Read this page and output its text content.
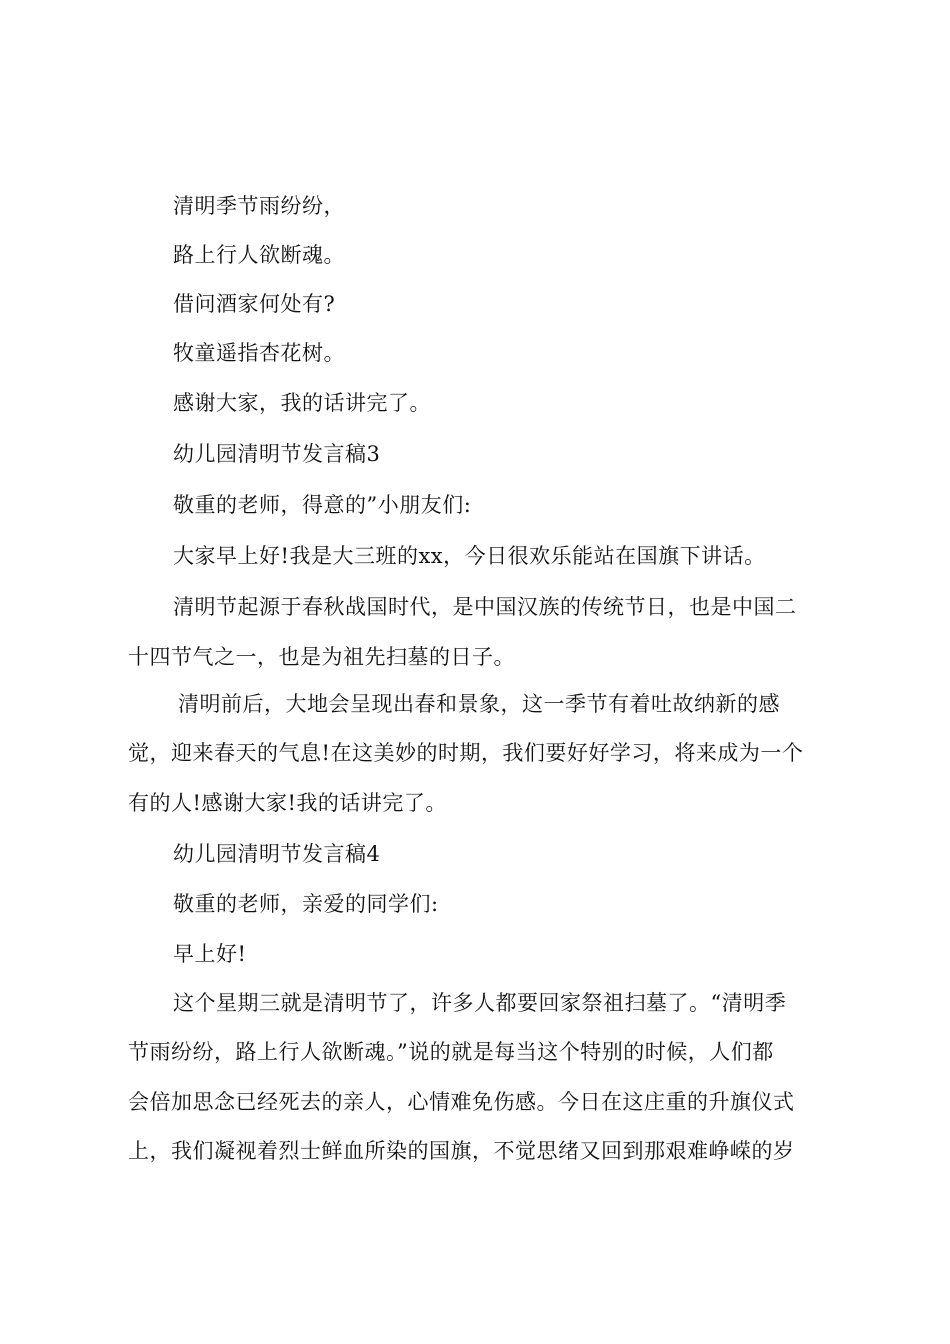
清明季节雨纷纷，
路上行人欲断魂。
借问酒家何处有?
牧童遥指杏花树。
感谢大家，我的话讲完了。
幼儿园清明节发言稿3
敬重的老师，得意的”小朋友们:
大家早上好!我是大三班的xx，今日很欢乐能站在国旗下讲话。
清明节起源于春秋战国时代，是中国汉族的传统节日，也是中国二
十四节气之一，也是为祖先扫墓的日子。
清明前后，大地会呈现出春和景象，这一季节有着吐故纳新的感
觉，迎来春天的气息!在这美妙的时期，我们要好好学习，将来成为一个
有的人!感谢大家!我的话讲完了。
幼儿园清明节发言稿4
敬重的老师，亲爱的同学们:
早上好!
这个星期三就是清明节了，许多人都要回家祭祖扫墓了。“清明季
节雨纷纷，路上行人欲断魂。”说的就是每当这个特别的时候，人们都
会倍加思念已经死去的亲人，心情难免伤感。今日在这庄重的升旗仪式
上，我们凝视着烈士鲜血所染的国旗，不觉思绪又回到那艰难峥嵘的岁
